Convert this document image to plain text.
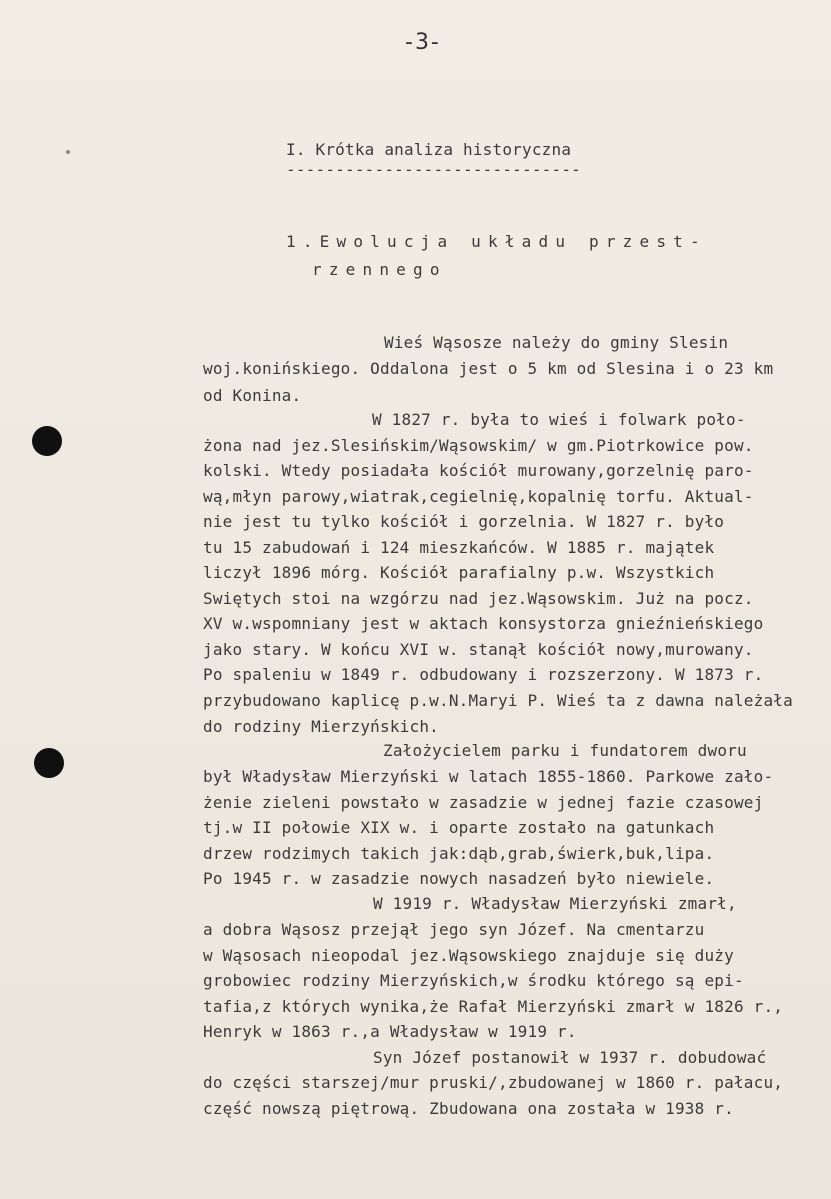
-3-
I. Krótka analiza historyczna
------------------------------
1.Ewolucja układu przest-
rzennego
Wieś Wąsosze należy do gminy Slesin
woj.konińskiego. Oddalona jest o 5 km od Slesina i o 23 km
od Konina.
W 1827 r. była to wieś i folwark poło-
żona nad jez.Slesińskim/Wąsowskim/ w gm.Piotrkowice pow.
kolski. Wtedy posiadała kościół murowany,gorzelnię paro-
wą,młyn parowy,wiatrak,cegielnię,kopalnię torfu. Aktual-
nie jest tu tylko kościół i gorzelnia. W 1827 r. było
tu 15 zabudowań i 124 mieszkańców. W 1885 r. majątek
liczył 1896 mórg. Kościół parafialny p.w. Wszystkich
Swiętych stoi na wzgórzu nad jez.Wąsowskim. Już na pocz.
XV w.wspomniany jest w aktach konsystorza gnieźnieńskiego
jako stary. W końcu XVI w. stanął kościół nowy,murowany.
Po spaleniu w 1849 r. odbudowany i rozszerzony. W 1873 r.
przybudowano kaplicę p.w.N.Maryi P. Wieś ta z dawna należała
do rodziny Mierzyńskich.
Założycielem parku i fundatorem dworu
był Władysław Mierzyński w latach 1855-1860. Parkowe zało-
żenie zieleni powstało w zasadzie w jednej fazie czasowej
tj.w II połowie XIX w. i oparte zostało na gatunkach
drzew rodzimych takich jak:dąb,grab,świerk,buk,lipa.
Po 1945 r. w zasadzie nowych nasadzeń było niewiele.
W 1919 r. Władysław Mierzyński zmarł,
a dobra Wąsosz przejął jego syn Józef. Na cmentarzu
w Wąsosach nieopodal jez.Wąsowskiego znajduje się duży
grobowiec rodziny Mierzyńskich,w środku którego są epi-
tafia,z których wynika,że Rafał Mierzyński zmarł w 1826 r.,
Henryk w 1863 r.,a Władysław w 1919 r.
Syn Józef postanowił w 1937 r. dobudować
do części starszej/mur pruski/,zbudowanej w 1860 r. pałacu,
część nowszą piętrową. Zbudowana ona została w 1938 r.
